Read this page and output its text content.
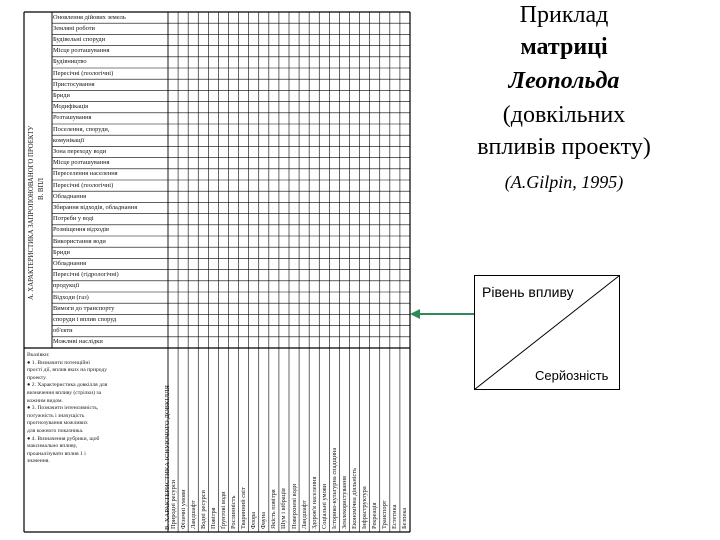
А. ХАРАКТЕРИСТИКА ЗАПРОПОНОВАНОГО ПРОЕКТУ В. ВПЛ
Оновлення дійових земель
Земляні роботи
Будівельні споруди
Місце розташування
Будівництво
Пересічні (геологічні)
Пристосування
Бриди
Модифікація
Розташування
Поселення, споруди,
комунікації
Зона переходу води
Місце розташування
Переселення населення
Пересічні (геологічні)
Обладнання
Збирання відходів, обладнання
Потреби у воді
Розміщення відходів
Використання води
Бриди
Обладнання
Пересічні (гідрологічні)
продукції
Відходи (газ)
Вимоги до транспорту
споруди і вплив споруд
об'єкти
Можливі наслідки
Вказівки:
● 1. Визначити потенційні
прості дії, вплив яких на природу
проекту.
● 2. Характеристика довкілля для
визначення впливу (стрілки) за
кожним видом.
● 3. Позначити інтенсивність,
потужність і значущість
прогнозування можливих
для кожного показника.
● 4. Визначення рубрики, щоб
максимально впливу,
проаналізувати вплив 1 і
значення.	В. ХАРАКТЕРИСТИКА ІСНУЮЧОГО ДОВКІЛЛЯ
Природні ресурси Фізичні умови Ландшафт Водні ресурси Повітря Ґрунтові води Рослинність Тваринний світ Флора Фауна Якість повітря Шум і вібрація Поверхневі води Ландшафт Здоров'я населення Соціальні умови Історико-культурна спадщина Землекористування Економічна діяльність Інфраструктура Рекреація Транспорт Естетика Безпека
Приклад
матриці
Леопольда
(довкільних
впливів проекту)
(A.Gilpin, 1995)
Рівень впливу
Серйозність
